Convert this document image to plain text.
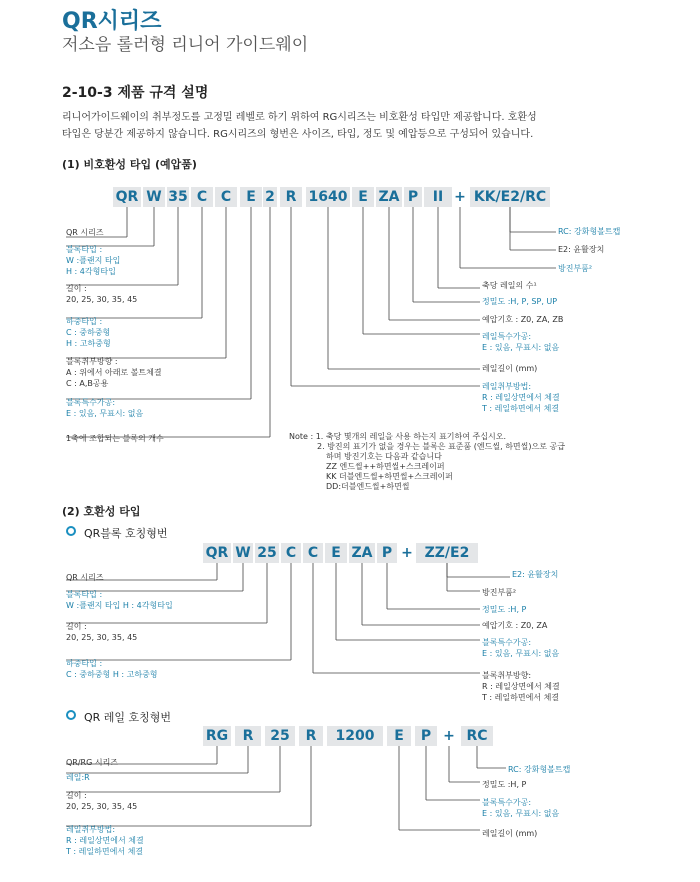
QR시리즈
저소음 롤러형 리니어 가이드웨이
2-10-3 제품 규격 설명
리니어가이드웨이의 취부정도를 고정밀 레벨로 하기 위하여 RG시리즈는 비호환성 타입만 제공합니다. 호환성
타입은 당분간 제공하지 않습니다. RG시리즈의 형번은 사이즈, 타입, 정도 및 예압등으로 구성되어 있습니다.
(1) 비호환성 타입 (예압품)
(2) 호환성 타입
QR블록 호칭형번
QR 레일 호칭형번
QR W 35 C C	E 2 R 1640 E ZA P	II + KK/E2/RC
QR 시리즈
블록타입 :
W :플랜지 타입
H : 4각형타입
길이 :
20, 25, 30, 35, 45
하중타입 :
C : 중하중형
H : 고하중형
블록취부방향 :
A : 위에서 아래로 볼트체결
C : A,B공용
블록특수가공:
E : 있음, 무표시: 없음
1축에 조합되는 블록의 개수
RC: 강화형볼트캡
E2: 윤활장치
방진부품²
축당 레일의 수¹
정밀도 :H, P, SP, UP
예압기호 : Z0, ZA, ZB
레일특수가공:
E : 있음, 무표시: 없음
레일길이 (mm)
레일취부방법:
R : 레일상면에서 체결
T : 레일하면에서 체결
QR W 25 C C E ZA P + ZZ/E2
QR 시리즈
블록타입 :
W :플랜지 타입 H : 4각형타입
길이 :
20, 25, 30, 35, 45
하중타입 :
C : 중하중형 H : 고하중형
E2: 윤활장치
방진부품²
정밀도 :H, P
예압기호 : Z0, ZA
블록특수가공:
E : 있음, 무표시: 없음
블록취부방향:
R : 레일상면에서 체결
T : 레일하면에서 체결
RG	R	25	R	1200	E	P + RC
QR/RG 시리즈
레일:R
길이 :
20, 25, 30, 35, 45
레일취부방법:
R : 레일상면에서 체결
T : 레일하면에서 체결
RC: 강화형볼트캡
정밀도 :H, P
블록특수가공:
E : 있음, 무표시: 없음
레일길이 (mm)
Note : 1. 축당 몇개의 레일을 사용 하는지 표기하여 주십시오.
2. 방진의 표기가 없을 경우는 블록은 표준품 (엔드씰, 하면씰)으로 공급
하며 방진기호는 다음과 같습니다
ZZ 엔드씰++하면씰+스크레이퍼
KK 더블엔드씰+하면씰+스크레이퍼
DD:더블엔드씰+하면씰
